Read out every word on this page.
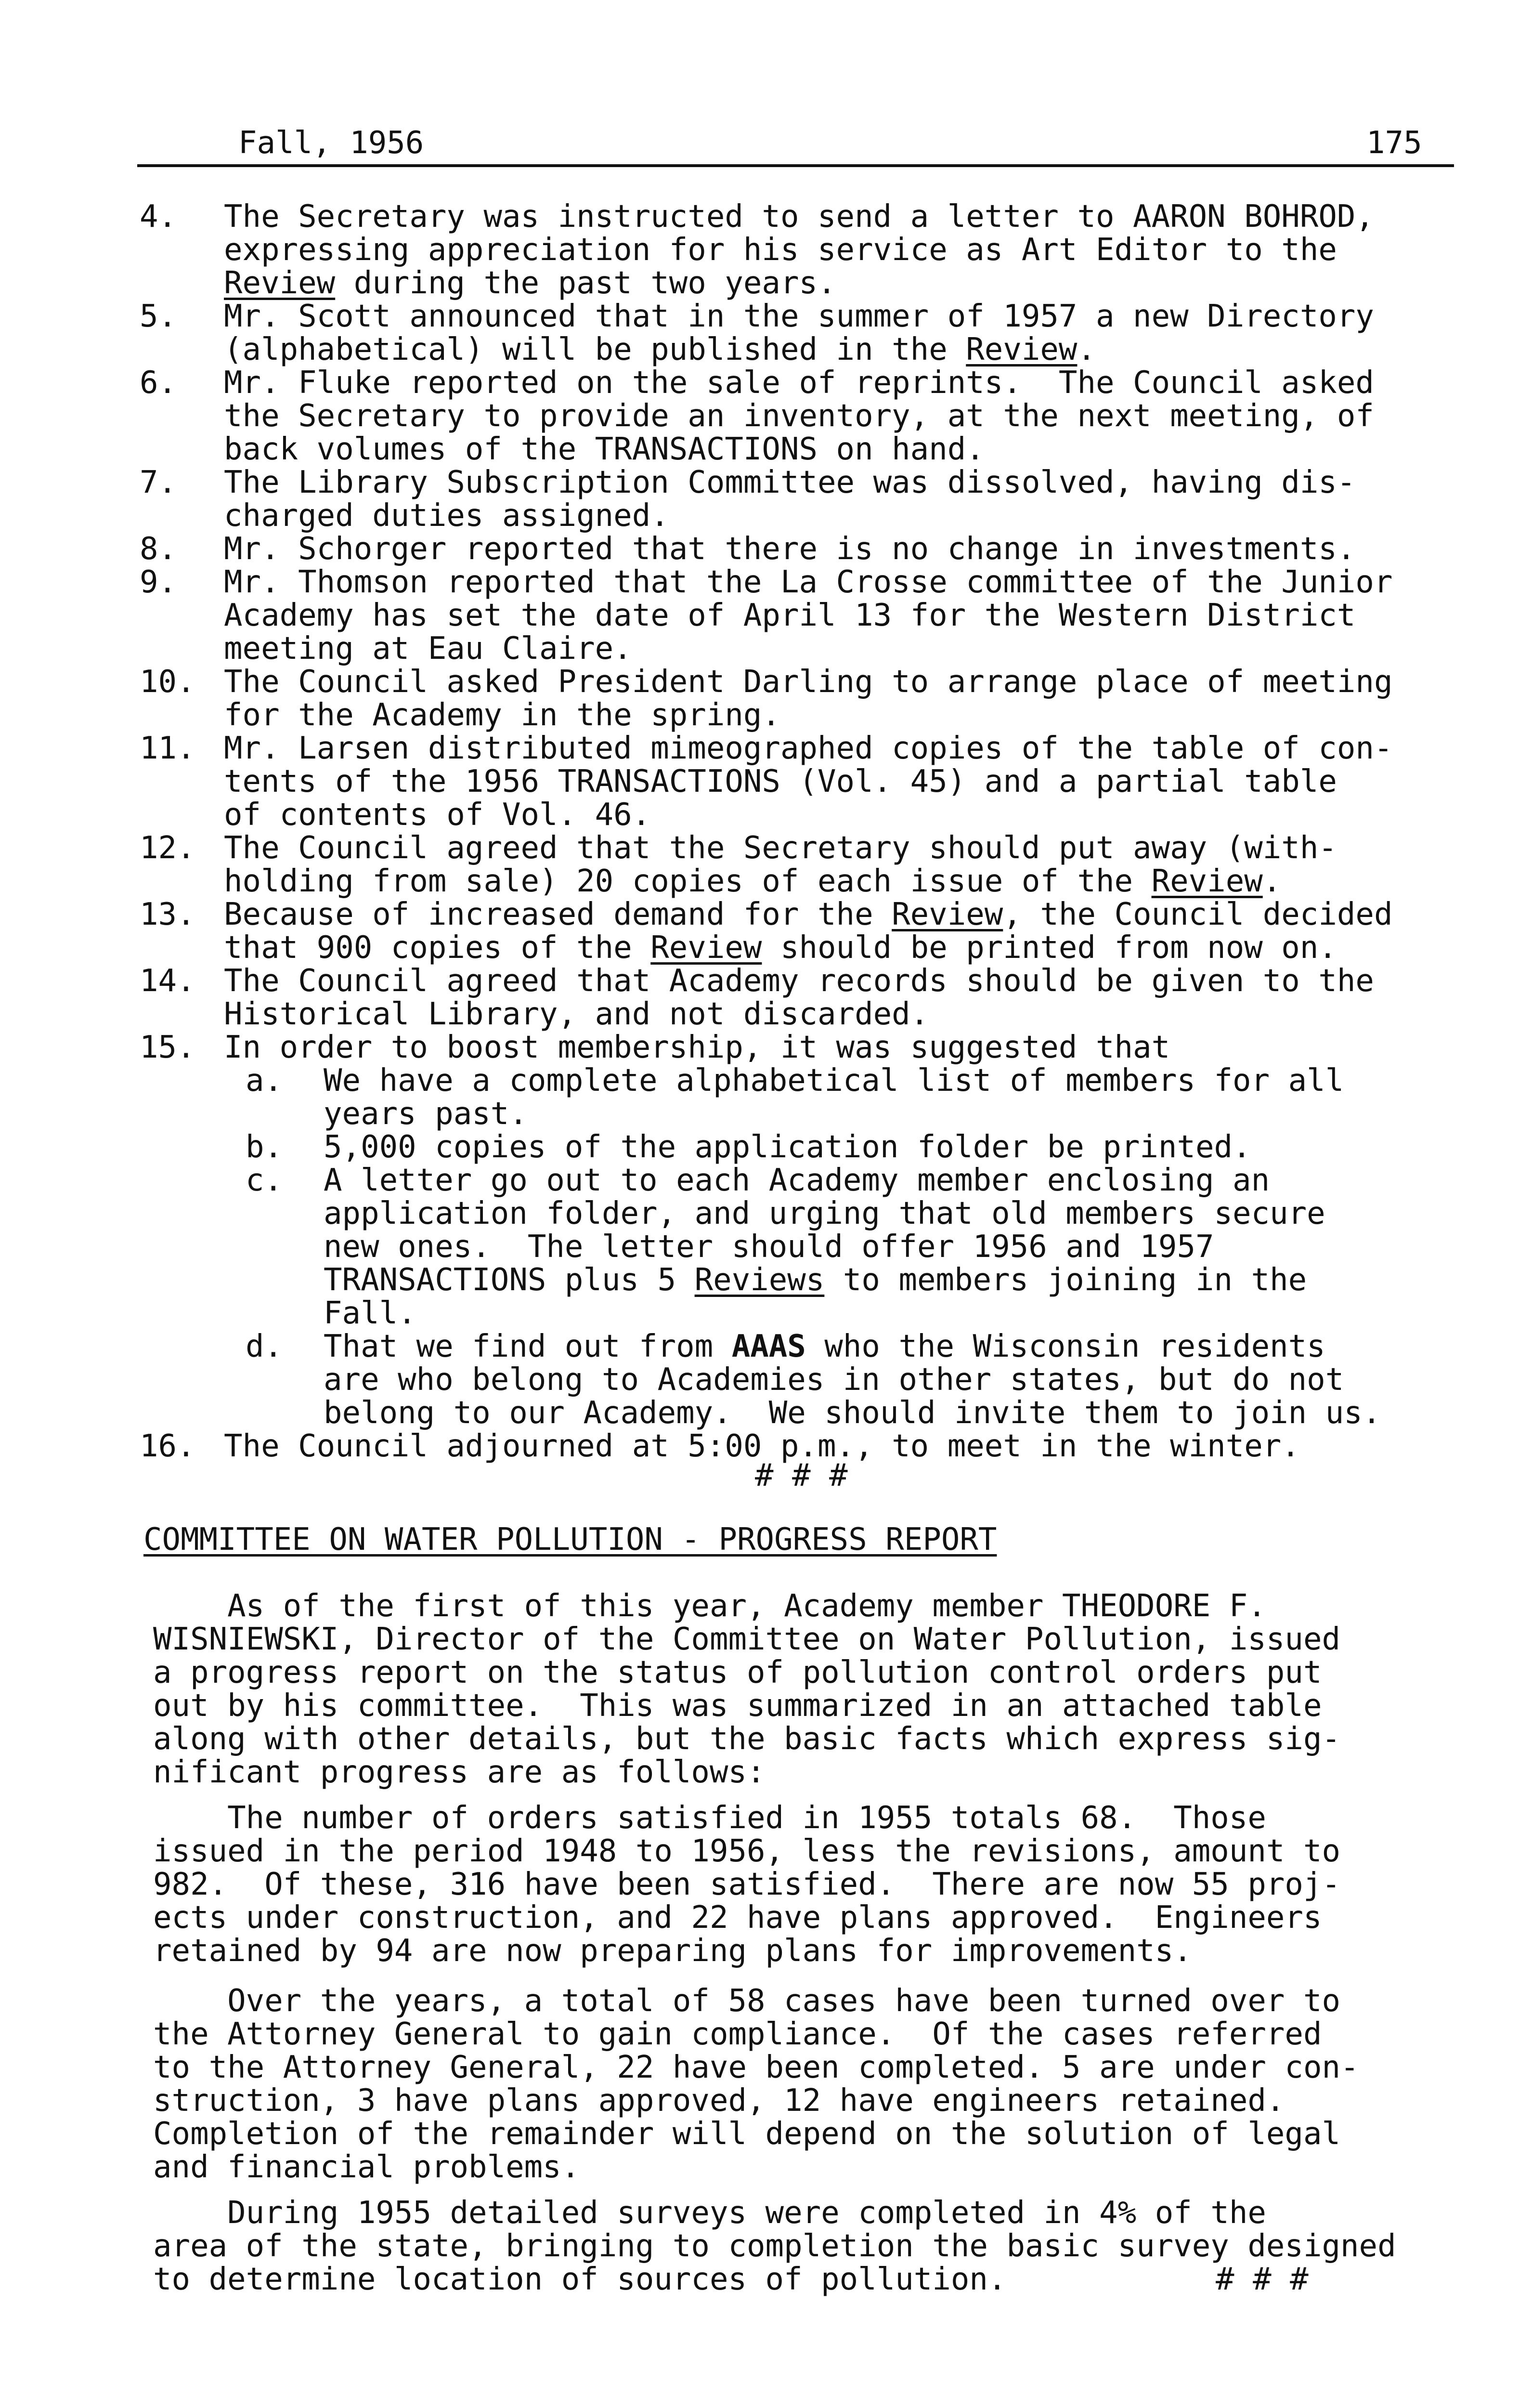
Fall, 1956	175
4. The Secretary was instructed to send a letter to AARON BOHROD,
expressing appreciation for his service as Art Editor to the
Review during the past two years.
5. Mr. Scott announced that in the summer of 1957 a new Directory
(alphabetical) will be published in the Review.
6. Mr. Fluke reported on the sale of reprints.  The Council asked
the Secretary to provide an inventory, at the next meeting, of
back volumes of the TRANSACTIONS on hand.
7. The Library Subscription Committee was dissolved, having dis-
charged duties assigned.
8. Mr. Schorger reported that there is no change in investments.
9. Mr. Thomson reported that the La Crosse committee of the Junior
Academy has set the date of April 13 for the Western District
meeting at Eau Claire.
10. The Council asked President Darling to arrange place of meeting
for the Academy in the spring.
11. Mr. Larsen distributed mimeographed copies of the table of con-
tents of the 1956 TRANSACTIONS (Vol. 45) and a partial table
of contents of Vol. 46.
12. The Council agreed that the Secretary should put away (with-
holding from sale) 20 copies of each issue of the Review.
13. Because of increased demand for the Review, the Council decided
that 900 copies of the Review should be printed from now on.
14. The Council agreed that Academy records should be given to the
Historical Library, and not discarded.
15. In order to boost membership, it was suggested that
a. We have a complete alphabetical list of members for all
years past.
b. 5,000 copies of the application folder be printed.
c. A letter go out to each Academy member enclosing an
application folder, and urging that old members secure
new ones.  The letter should offer 1956 and 1957
TRANSACTIONS plus 5 Reviews to members joining in the
Fall.
d. That we find out from AAAS who the Wisconsin residents
are who belong to Academies in other states, but do not
belong to our Academy.  We should invite them to join us.
16. The Council adjourned at 5:00 p.m., to meet in the winter.
# # #
COMMITTEE ON WATER POLLUTION - PROGRESS REPORT
As of the first of this year, Academy member THEODORE F.
WISNIEWSKI, Director of the Committee on Water Pollution, issued
a progress report on the status of pollution control orders put
out by his committee.  This was summarized in an attached table
along with other details, but the basic facts which express sig-
nificant progress are as follows:
The number of orders satisfied in 1955 totals 68.  Those
issued in the period 1948 to 1956, less the revisions, amount to
982.  Of these, 316 have been satisfied.  There are now 55 proj-
ects under construction, and 22 have plans approved.  Engineers
retained by 94 are now preparing plans for improvements.
Over the years, a total of 58 cases have been turned over to
the Attorney General to gain compliance.  Of the cases referred
to the Attorney General, 22 have been completed. 5 are under con-
struction, 3 have plans approved, 12 have engineers retained.
Completion of the remainder will depend on the solution of legal
and financial problems.
During 1955 detailed surveys were completed in 4% of the
area of the state, bringing to completion the basic survey designed
to determine location of sources of pollution.	# # #
